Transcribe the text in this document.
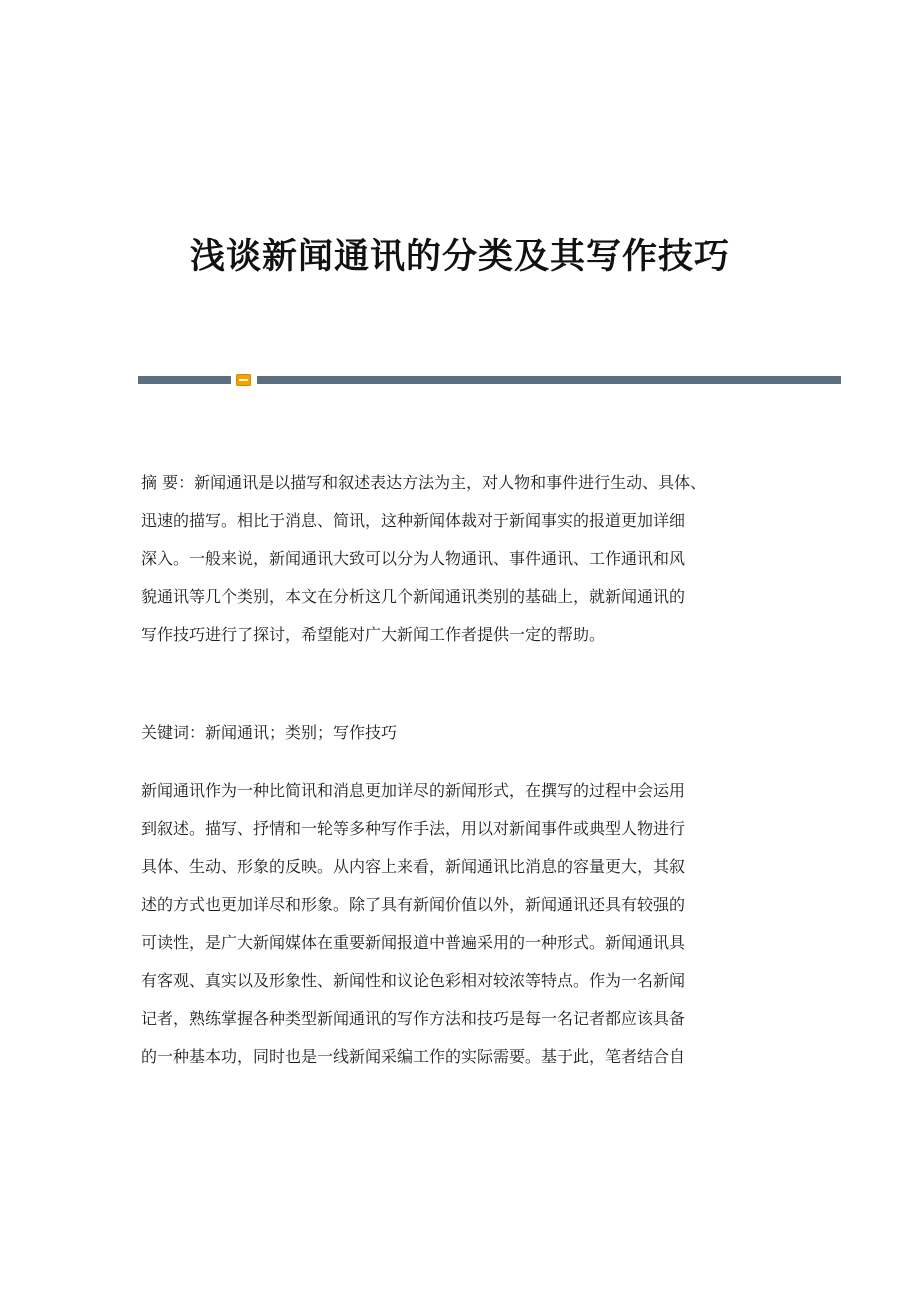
浅谈新闻通讯的分类及其写作技巧

摘 要：新闻通讯是以描写和叙述表达方法为主，对人物和事件进行生动、具体、
迅速的描写。相比于消息、简讯，这种新闻体裁对于新闻事实的报道更加详细
深入。一般来说，新闻通讯大致可以分为人物通讯、事件通讯、工作通讯和风
貌通讯等几个类别，本文在分析这几个新闻通讯类别的基础上，就新闻通讯的
写作技巧进行了探讨，希望能对广大新闻工作者提供一定的帮助。

关键词：新闻通讯；类别；写作技巧

新闻通讯作为一种比简讯和消息更加详尽的新闻形式，在撰写的过程中会运用
到叙述。描写、抒情和一轮等多种写作手法，用以对新闻事件或典型人物进行
具体、生动、形象的反映。从内容上来看，新闻通讯比消息的容量更大，其叙
述的方式也更加详尽和形象。除了具有新闻价值以外，新闻通讯还具有较强的
可读性，是广大新闻媒体在重要新闻报道中普遍采用的一种形式。新闻通讯具
有客观、真实以及形象性、新闻性和议论色彩相对较浓等特点。作为一名新闻
记者，熟练掌握各种类型新闻通讯的写作方法和技巧是每一名记者都应该具备
的一种基本功，同时也是一线新闻采编工作的实际需要。基于此，笔者结合自
